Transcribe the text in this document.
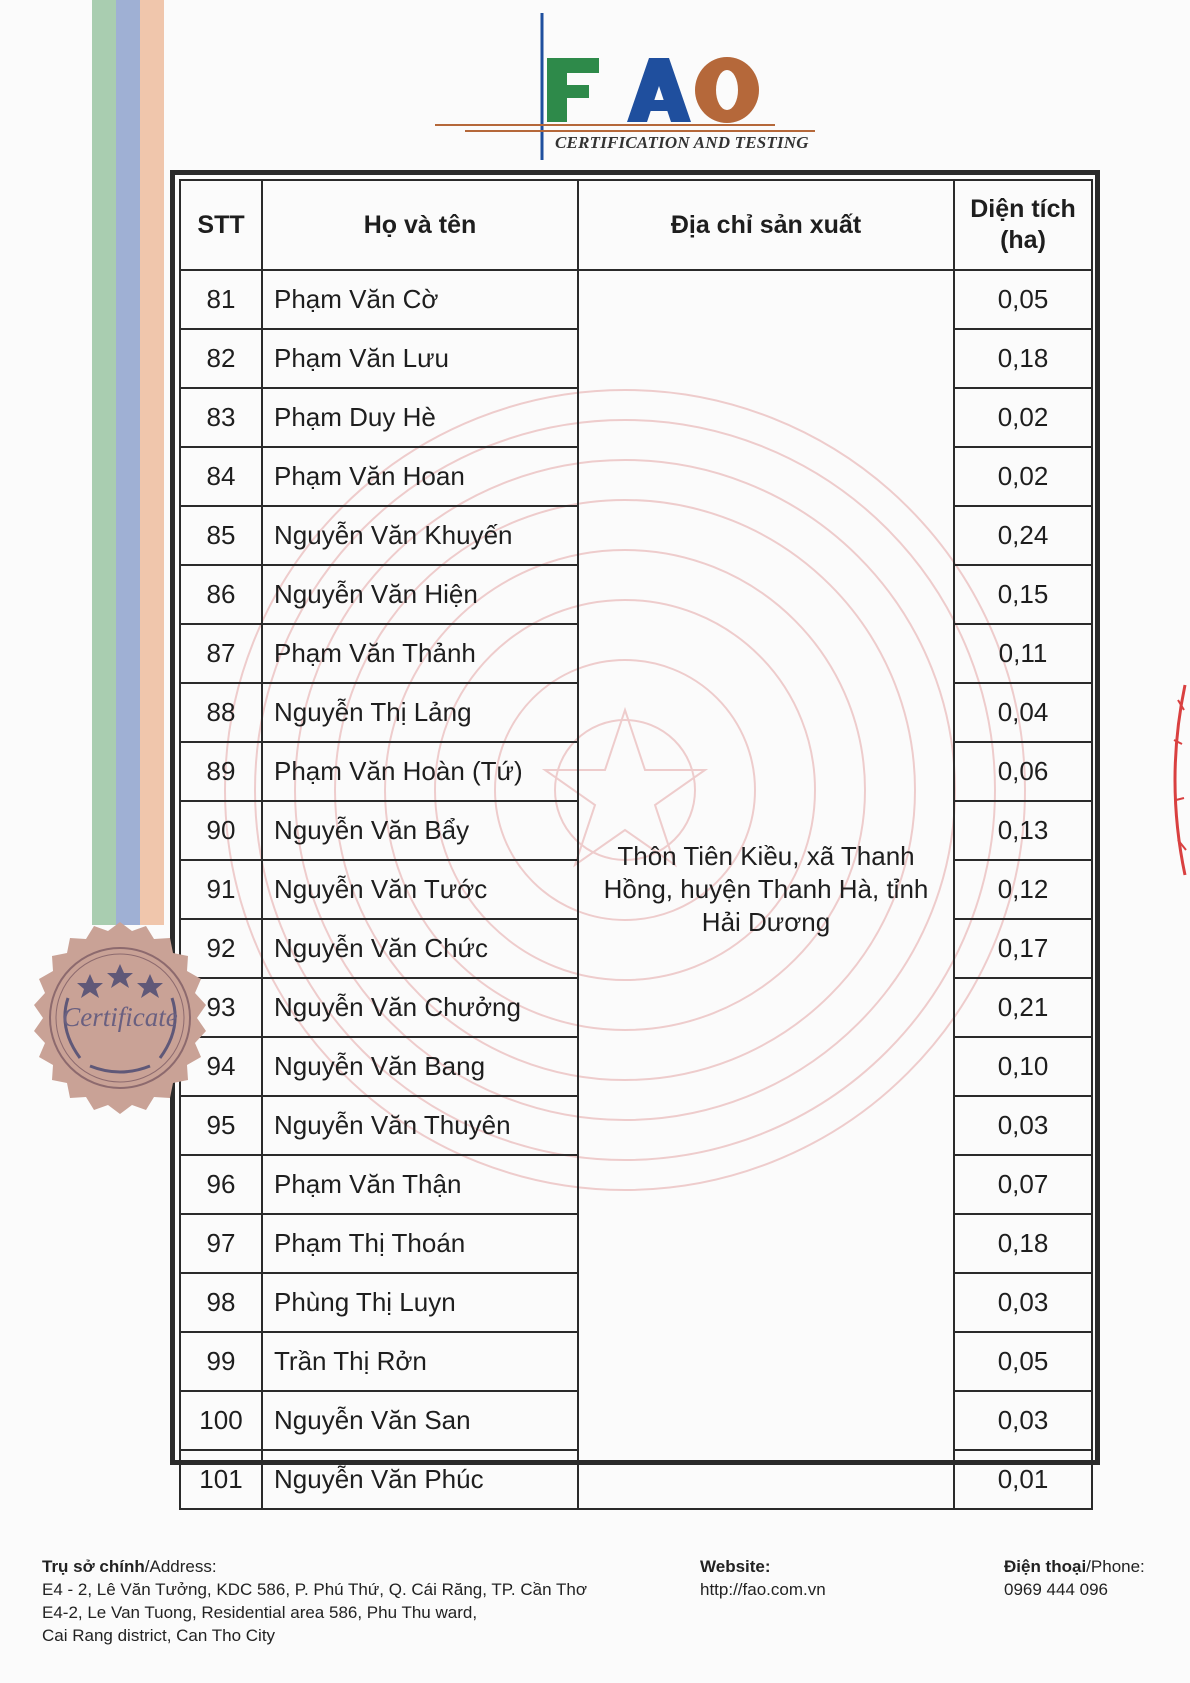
CERTIFICATION AND TESTING
STT	Họ và tên	Địa chỉ sản xuất	Diện tích
(ha)
81	Phạm Văn Cờ	Thôn Tiên Kiều, xã Thanh Hồng, huyện Thanh Hà, tỉnh Hải Dương	0,05
82	Phạm Văn Lưu		0,18
83	Phạm Duy Hè		0,02
84	Phạm Văn Hoan		0,02
85	Nguyễn Văn Khuyến		0,24
86	Nguyễn Văn Hiện		0,15
87	Phạm Văn Thảnh		0,11
88	Nguyễn Thị Lảng		0,04
89	Phạm Văn Hoàn (Tứ)		0,06
90	Nguyễn Văn Bẩy		0,13
91	Nguyễn Văn Tước		0,12
92	Nguyễn Văn Chức		0,17
93	Nguyễn Văn Chưởng		0,21
94	Nguyễn Văn Bang		0,10
95	Nguyễn Văn Thuyên		0,03
96	Phạm Văn Thận		0,07
97	Phạm Thị Thoán		0,18
98	Phùng Thị Luyn		0,03
99	Trần Thị Rởn		0,05
100	Nguyễn Văn San		0,03
101	Nguyễn Văn Phúc		0,01
Certificate
Trụ sở chính/Address:
E4 - 2, Lê Văn Tưởng, KDC 586, P. Phú Thứ, Q. Cái Răng, TP. Cần Thơ
E4-2, Le Van Tuong, Residential area 586, Phu Thu ward,
Cai Rang district, Can Tho City
Website:
http://fao.com.vn
Điện thoại/Phone:
0969 444 096
